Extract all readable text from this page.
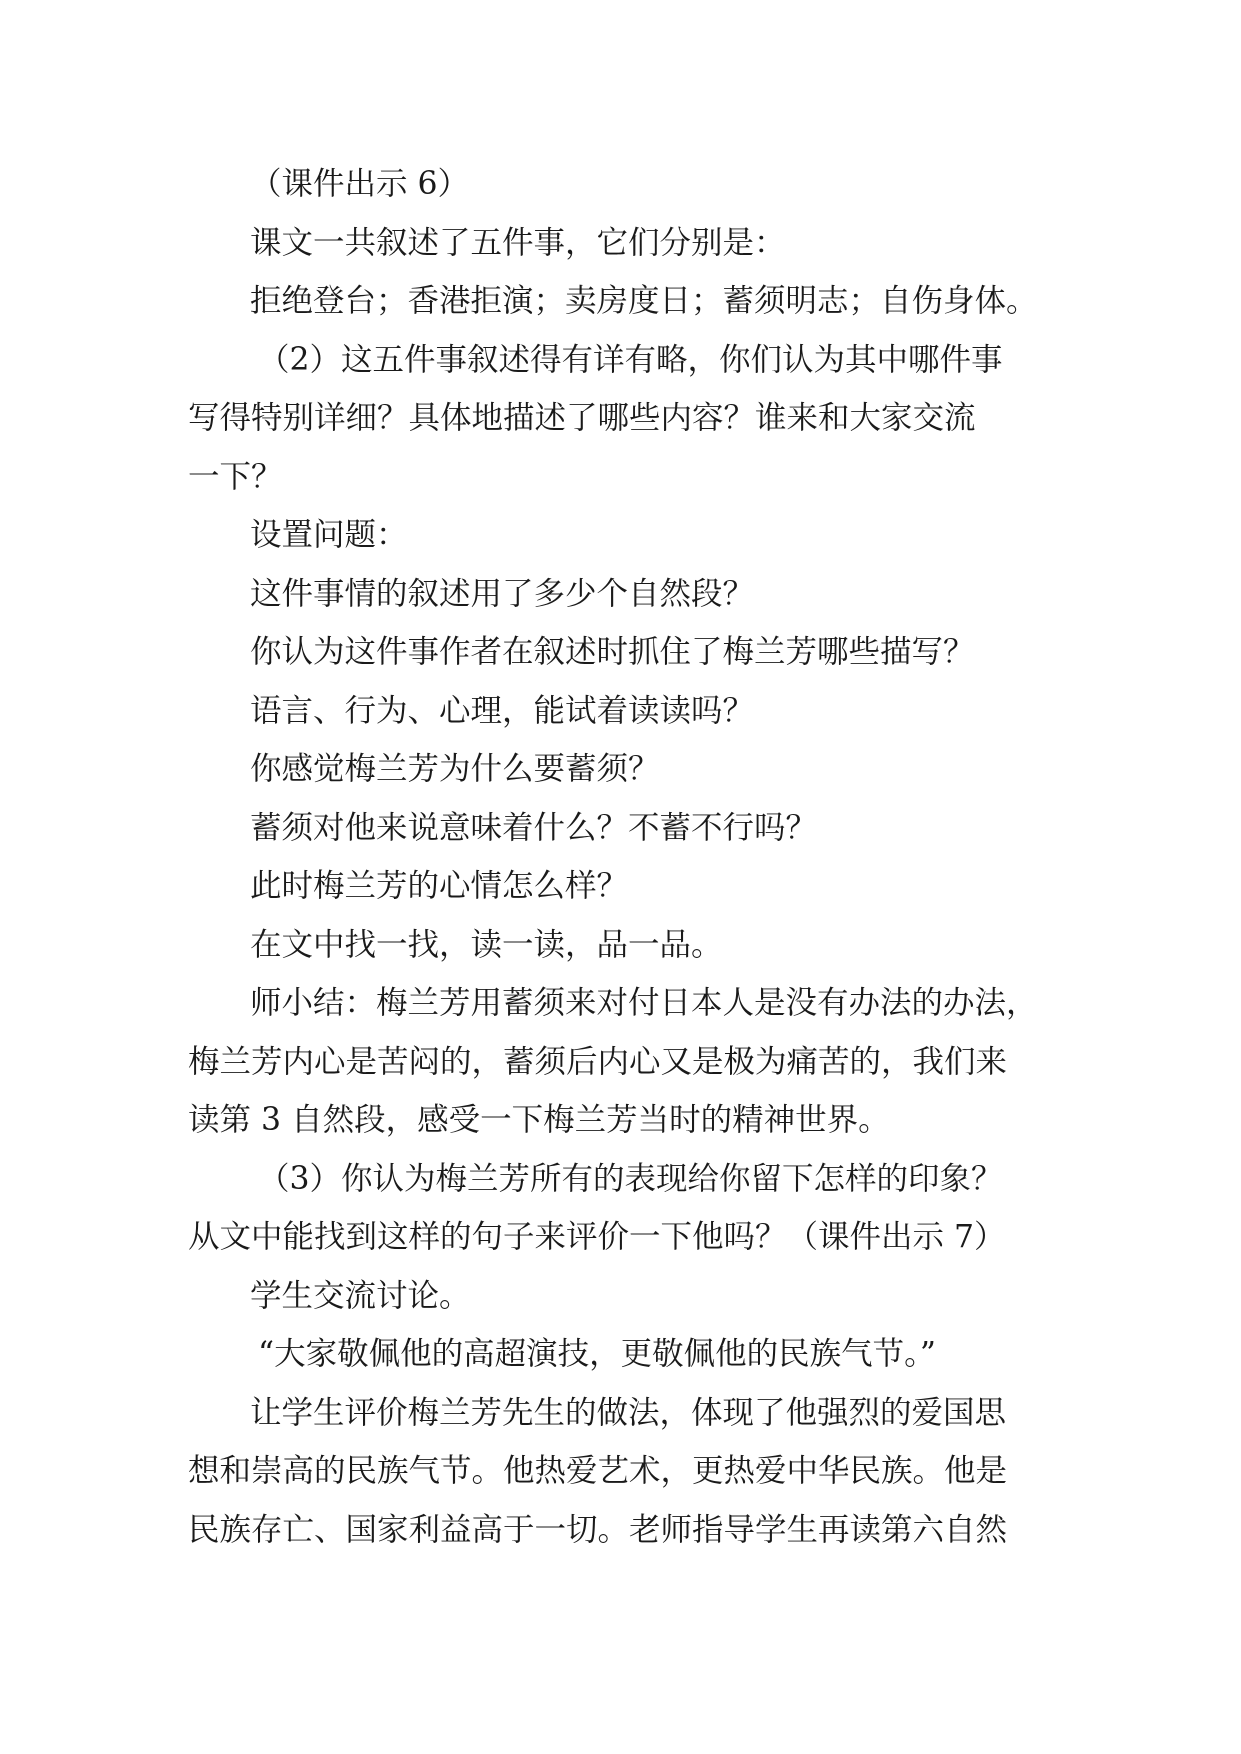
（课件出示 6）
课文一共叙述了五件事，它们分别是：
拒绝登台；香港拒演；卖房度日；蓄须明志；自伤身体。
（2）这五件事叙述得有详有略，你们认为其中哪件事
写得特别详细？具体地描述了哪些内容？谁来和大家交流
一下？
设置问题：
这件事情的叙述用了多少个自然段？
你认为这件事作者在叙述时抓住了梅兰芳哪些描写？
语言、行为、心理，能试着读读吗？
你感觉梅兰芳为什么要蓄须？
蓄须对他来说意味着什么？不蓄不行吗？
此时梅兰芳的心情怎么样？
在文中找一找，读一读，品一品。
师小结：梅兰芳用蓄须来对付日本人是没有办法的办法，
梅兰芳内心是苦闷的，蓄须后内心又是极为痛苦的，我们来
读第 3 自然段，感受一下梅兰芳当时的精神世界。
（3）你认为梅兰芳所有的表现给你留下怎样的印象？
从文中能找到这样的句子来评价一下他吗？（课件出示 7）
学生交流讨论。
“大家敬佩他的高超演技，更敬佩他的民族气节。”
让学生评价梅兰芳先生的做法，体现了他强烈的爱国思
想和崇高的民族气节。他热爱艺术，更热爱中华民族。他是
民族存亡、国家利益高于一切。老师指导学生再读第六自然
